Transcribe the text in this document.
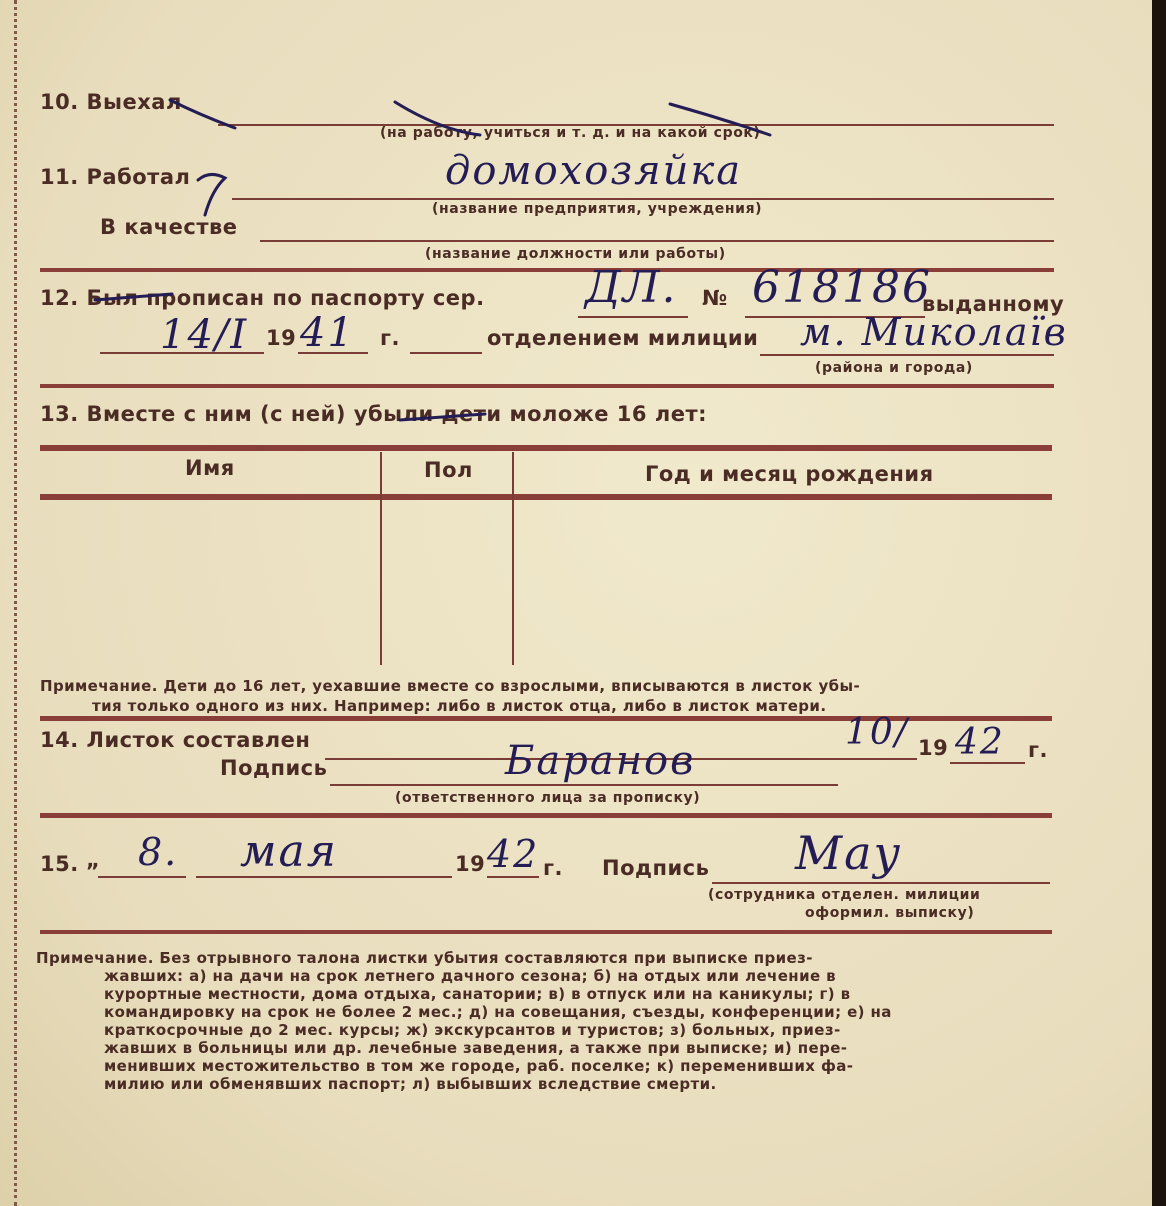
10. Выехал
(на работу, учиться и т. д. и на какой срок)
11. Работал	домохозяйка
(название предприятия, учреждения)
В качестве
(название должности или работы)
12. Был прописан по паспорту сер. ДЛ. № 618186
выданному
14/I 19 41 г.	отделением милиции м. Миколаїв
(района и города)
13. Вместе с ним (с ней) убыли дети моложе 16 лет:
Имя	Пол	Год и месяц рождения
Примечание. Дети до 16 лет, уехавшие вместе со взрослыми, вписываются в листок убы-
тия только одного из них. Например: либо в листок отца, либо в листок матери.
14. Листок составлен	10/ 19 42 г.
Подпись	Баранов
(ответственного лица за прописку)
15. „ 8. мая	19 42 г. Подпись Мау
(сотрудника отделен. милиции
оформил. выписку)
Примечание. Без отрывного талона листки убытия составляются при выписке приез-
жавших: а) на дачи на срок летнего дачного сезона; б) на отдых или лечение в
курортные местности, дома отдыха, санатории; в) в отпуск или на каникулы; г) в
командировку на срок не более 2 мес.; д) на совещания, съезды, конференции; е) на
краткосрочные до 2 мес. курсы; ж) экскурсантов и туристов; з) больных, приез-
жавших в больницы или др. лечебные заведения, а также при выписке; и) пере-
менивших местожительство в том же городе, раб. поселке; к) переменивших фа-
милию или обменявших паспорт; л) выбывших вследствие смерти.
